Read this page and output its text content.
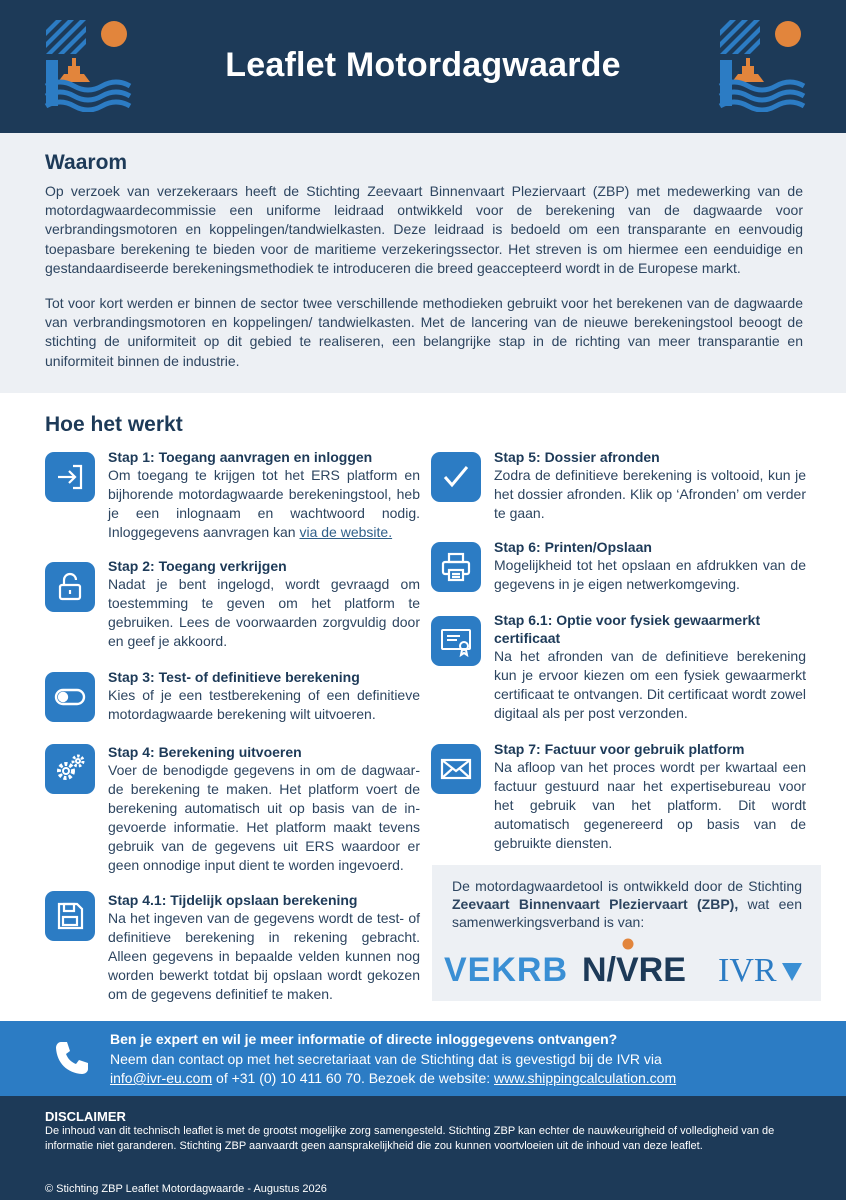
Leaflet Motordagwaarde
Waarom

Op verzoek van verzekeraars heeft de Stichting Zeevaart Binnenvaart Pleziervaart (ZBP) met medewerking van de motordagwaardecommissie een uniforme leidraad ontwikkeld voor de berekening van de dagwaarde voor verbrandingsmotoren en koppelingen/tandwielkasten. Deze leidraad is bedoeld om een transparante en eenvoudig toepasbare berekening te bieden voor de maritieme verzekeringssector. Het streven is om hiermee een eenduidige en gestandaardiseerde berekeningsmethodiek te introduceren die breed geaccepteerd wordt in de Europese markt.

Tot voor kort werden er binnen de sector twee verschillende methodieken gebruikt voor het berekenen van de dagwaarde van verbrandingsmotoren en koppelingen/ tandwielkasten. Met de lancering van de nieuwe berekeningstool beoogt de stichting de uniformiteit op dit gebied te realiseren, een belangrijke stap in de richting van meer transparantie en uniformiteit binnen de industrie.

Hoe het werkt
Stap 1: Toegang aanvragen en inloggen
Om toegang te krijgen tot het ERS platform en bijhorende motordagwaarde berekeningstool, heb je een inlognaam en wachtwoord nodig. Inloggegevens aanvragen kan via de website.
Stap 2: Toegang verkrijgen
Nadat je bent ingelogd, wordt gevraagd om toestemming te geven om het platform te gebruiken. Lees de voorwaarden zorgvuldig door en geef je akkoord.
Stap 3: Test- of definitieve berekening
Kies of je een testberekening of een definitieve motordagwaarde berekening wilt uitvoeren.
Stap 4: Berekening uitvoeren
Voer de benodigde gegevens in om de dagwaar-de berekening te maken. Het platform voert de berekening automatisch uit op basis van de in-gevoerde informatie. Het platform maakt tevens gebruik van de gegevens uit ERS waardoor er geen onnodige input dient te worden ingevoerd.
Stap 4.1: Tijdelijk opslaan berekening
Na het ingeven van de gegevens wordt de test- of definitieve berekening in rekening gebracht. Alleen gegevens in bepaalde velden kunnen nog worden bewerkt totdat bij opslaan wordt gekozen om de gegevens definitief te maken.
Stap 5: Dossier afronden
Zodra de definitieve berekening is voltooid, kun je het dossier afronden. Klik op ‘Afronden’ om verder te gaan.
Stap 6: Printen/Opslaan
Mogelijkheid tot het opslaan en afdrukken van de gegevens in je eigen netwerkomgeving.
Stap 6.1: Optie voor fysiek gewaarmerkt certificaat
Na het afronden van de definitieve berekening kun je ervoor kiezen om een fysiek gewaarmerkt certificaat te ontvangen. Dit certificaat wordt zowel digitaal als per post verzonden.
Stap 7: Factuur voor gebruik platform
Na afloop van het proces wordt per kwartaal een factuur gestuurd naar het expertisebureau voor het gebruik van het platform. Dit wordt automatisch gegenereerd op basis van de gebruikte diensten.
De motordagwaardetool is ontwikkeld door de Stichting Zeevaart Binnenvaart Pleziervaart (ZBP), wat een samenwerkingsverband is van:
VEKRB N/VRE IVR
Ben je expert en wil je meer informatie of directe inloggegevens ontvangen?
Neem dan contact op met het secretariaat van de Stichting dat is gevestigd bij de IVR via
info@ivr-eu.com of +31 (0) 10 411 60 70. Bezoek de website: www.shippingcalculation.com
DISCLAIMER
De inhoud van dit technisch leaflet is met de grootst mogelijke zorg samengesteld. Stichting ZBP kan echter de nauwkeurigheid of volledigheid van de informatie niet garanderen. Stichting ZBP aanvaardt geen aansprakelijkheid die zou kunnen voortvloeien uit de inhoud van deze leaflet.
© Stichting ZBP Leaflet Motordagwaarde - Augustus 2026
